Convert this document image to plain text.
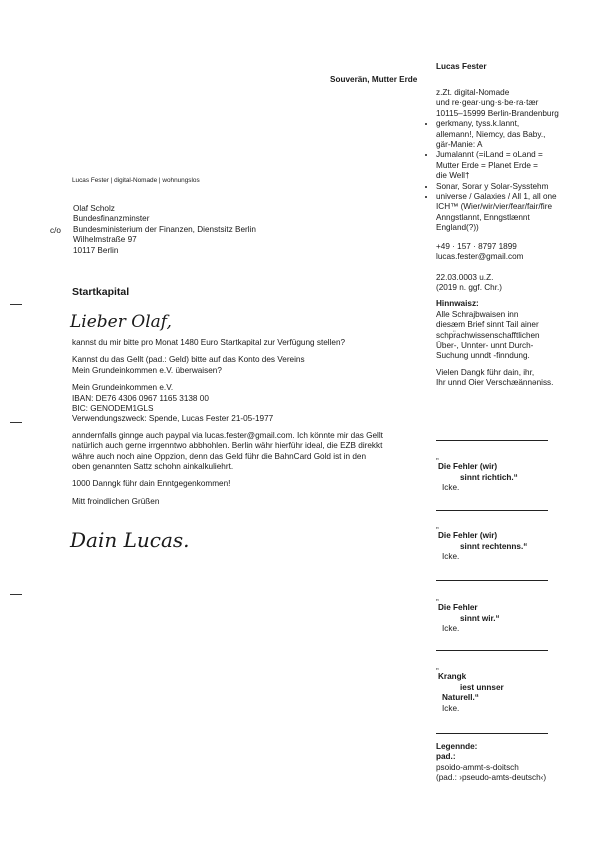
Souverän, Mutter Erde
Lucas Fester
z.Zt. digital-Nomade
und re·gear·ung·s·be·ra·tær
10115–15999 Berlin-Brandenburg
• gerkmany, tyss.k.lannt,
allemann!, Niemcy, das Baby.,
gär-Manie: A
• Jumalannt (=iLand = oLand =
Mutter Erde = Planet Erde =
die Well†
• Sonar, Sorar y Solar-Sysstehm
• universe / Galaxies / All 1, all one
ICH™ (Wier/wir/vier/fear/fair/fire
Anngstlannt, Enngstlænnt
England(?))
+49 · 157 · 8797 1899
lucas.fester@gmail.com
22.03.0003 u.Z.
(2019 n. ggf. Chr.)
Hinnwaisz:
Alle Schrajbwaisen inn
diesæm Brief sinnt Tail ainer
schpr̈achwissenschafftlichen
Über-, Unnter- unnt Durch-
Suchung unndt -finndung.
Vielen Dangk führ dain, ihr,
Ihr unnd Oier Verschæännəniss.
„
Die Fehler (wir)
sinnt richtich.“
Icke.
„
Die Fehler (wir)
sinnt rechtenns.“
Icke.
„
Die Fehler
sinnt wir.“
Icke.
„
Krangk
iest unnser
Naturell.“
Icke.
Legennde:
pad.:
psoido-ammt-s-doitsch
(pad.: ›pseudo-amts-deutsch‹)
Lucas Fester | digital-Nomade | wohnungslos
c/o
Olaf Scholz
Bundesfinanzminster
Bundesministerium der Finanzen, Dienstsitz Berlin
Wilhelmstraße 97
10117 Berlin
Startkapital
Lieber Olaf,
kannst du mir bitte pro Monat 1480 Euro Startkapital zur Verfügung stellen?
Kannst du das Gellt (pad.: Geld) bitte auf das Konto des Vereins
Mein Grundeinkommen e.V. überwaisen?
Mein Grundeinkommen e.V.
IBAN: DE76 4306 0967 1165 3138 00
BIC: GENODEM1GLS
Verwendungszweck: Spende, Lucas Fester 21-05-1977
anndernfalls ginnge auch paypal via lucas.fester@gmail.com. Ich könnte mir das Gellt
natürlich auch gerne irrgenntwo abbhohlen. Berlin währ hierführ ideal, die EZB direkkt
währe auch noch aine Oppzion, denn das Geld führ die BahnCard Gold ist in den
oben genannten Sattz schohn ainkalkuliehrt.
1000 Danngk führ dain Enntgegenkommen!
Mitt froindlichen Grüßen
Dain Lucas.
